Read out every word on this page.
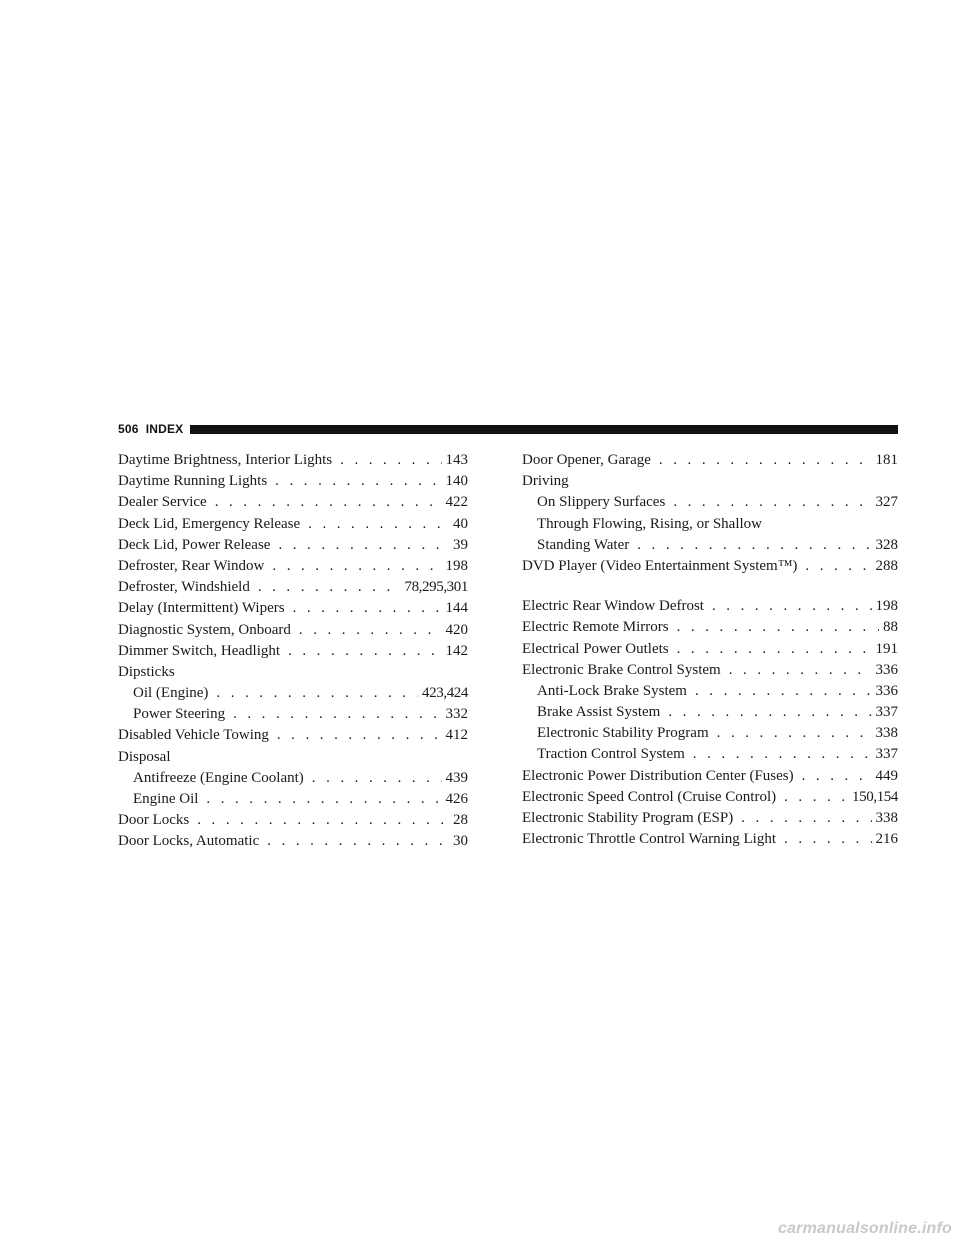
506
INDEX
Daytime Brightness, Interior Lights . . .	143
Daytime Running Lights . . .	140
Dealer Service . . .	422
Deck Lid, Emergency Release . . .	40
Deck Lid, Power Release . . .	39
Defroster, Rear Window . . .	198
Defroster, Windshield . . .	78,295,301
Delay (Intermittent) Wipers . . .	144
Diagnostic System, Onboard . . .	420
Dimmer Switch, Headlight . . .	142
Dipsticks
Oil (Engine) . . .	423,424
Power Steering . . .	332
Disabled Vehicle Towing . . .	412
Disposal
Antifreeze (Engine Coolant) . . .	439
Engine Oil . . .	426
Door Locks . . .	28
Door Locks, Automatic . . .	30
Door Opener, Garage . . .	181
Driving
On Slippery Surfaces . . .	327
Through Flowing, Rising, or Shallow
Standing Water . . .	328
DVD Player (Video Entertainment System™) . . .	288
Electric Rear Window Defrost . . .	198
Electric Remote Mirrors . . .	88
Electrical Power Outlets . . .	191
Electronic Brake Control System . . .	336
Anti-Lock Brake System . . .	336
Brake Assist System . . .	337
Electronic Stability Program . . .	338
Traction Control System . . .	337
Electronic Power Distribution Center (Fuses) . . .	449
Electronic Speed Control (Cruise Control) . . .	150,154
Electronic Stability Program (ESP) . . .	338
Electronic Throttle Control Warning Light . . .	216
carmanualsonline.info
